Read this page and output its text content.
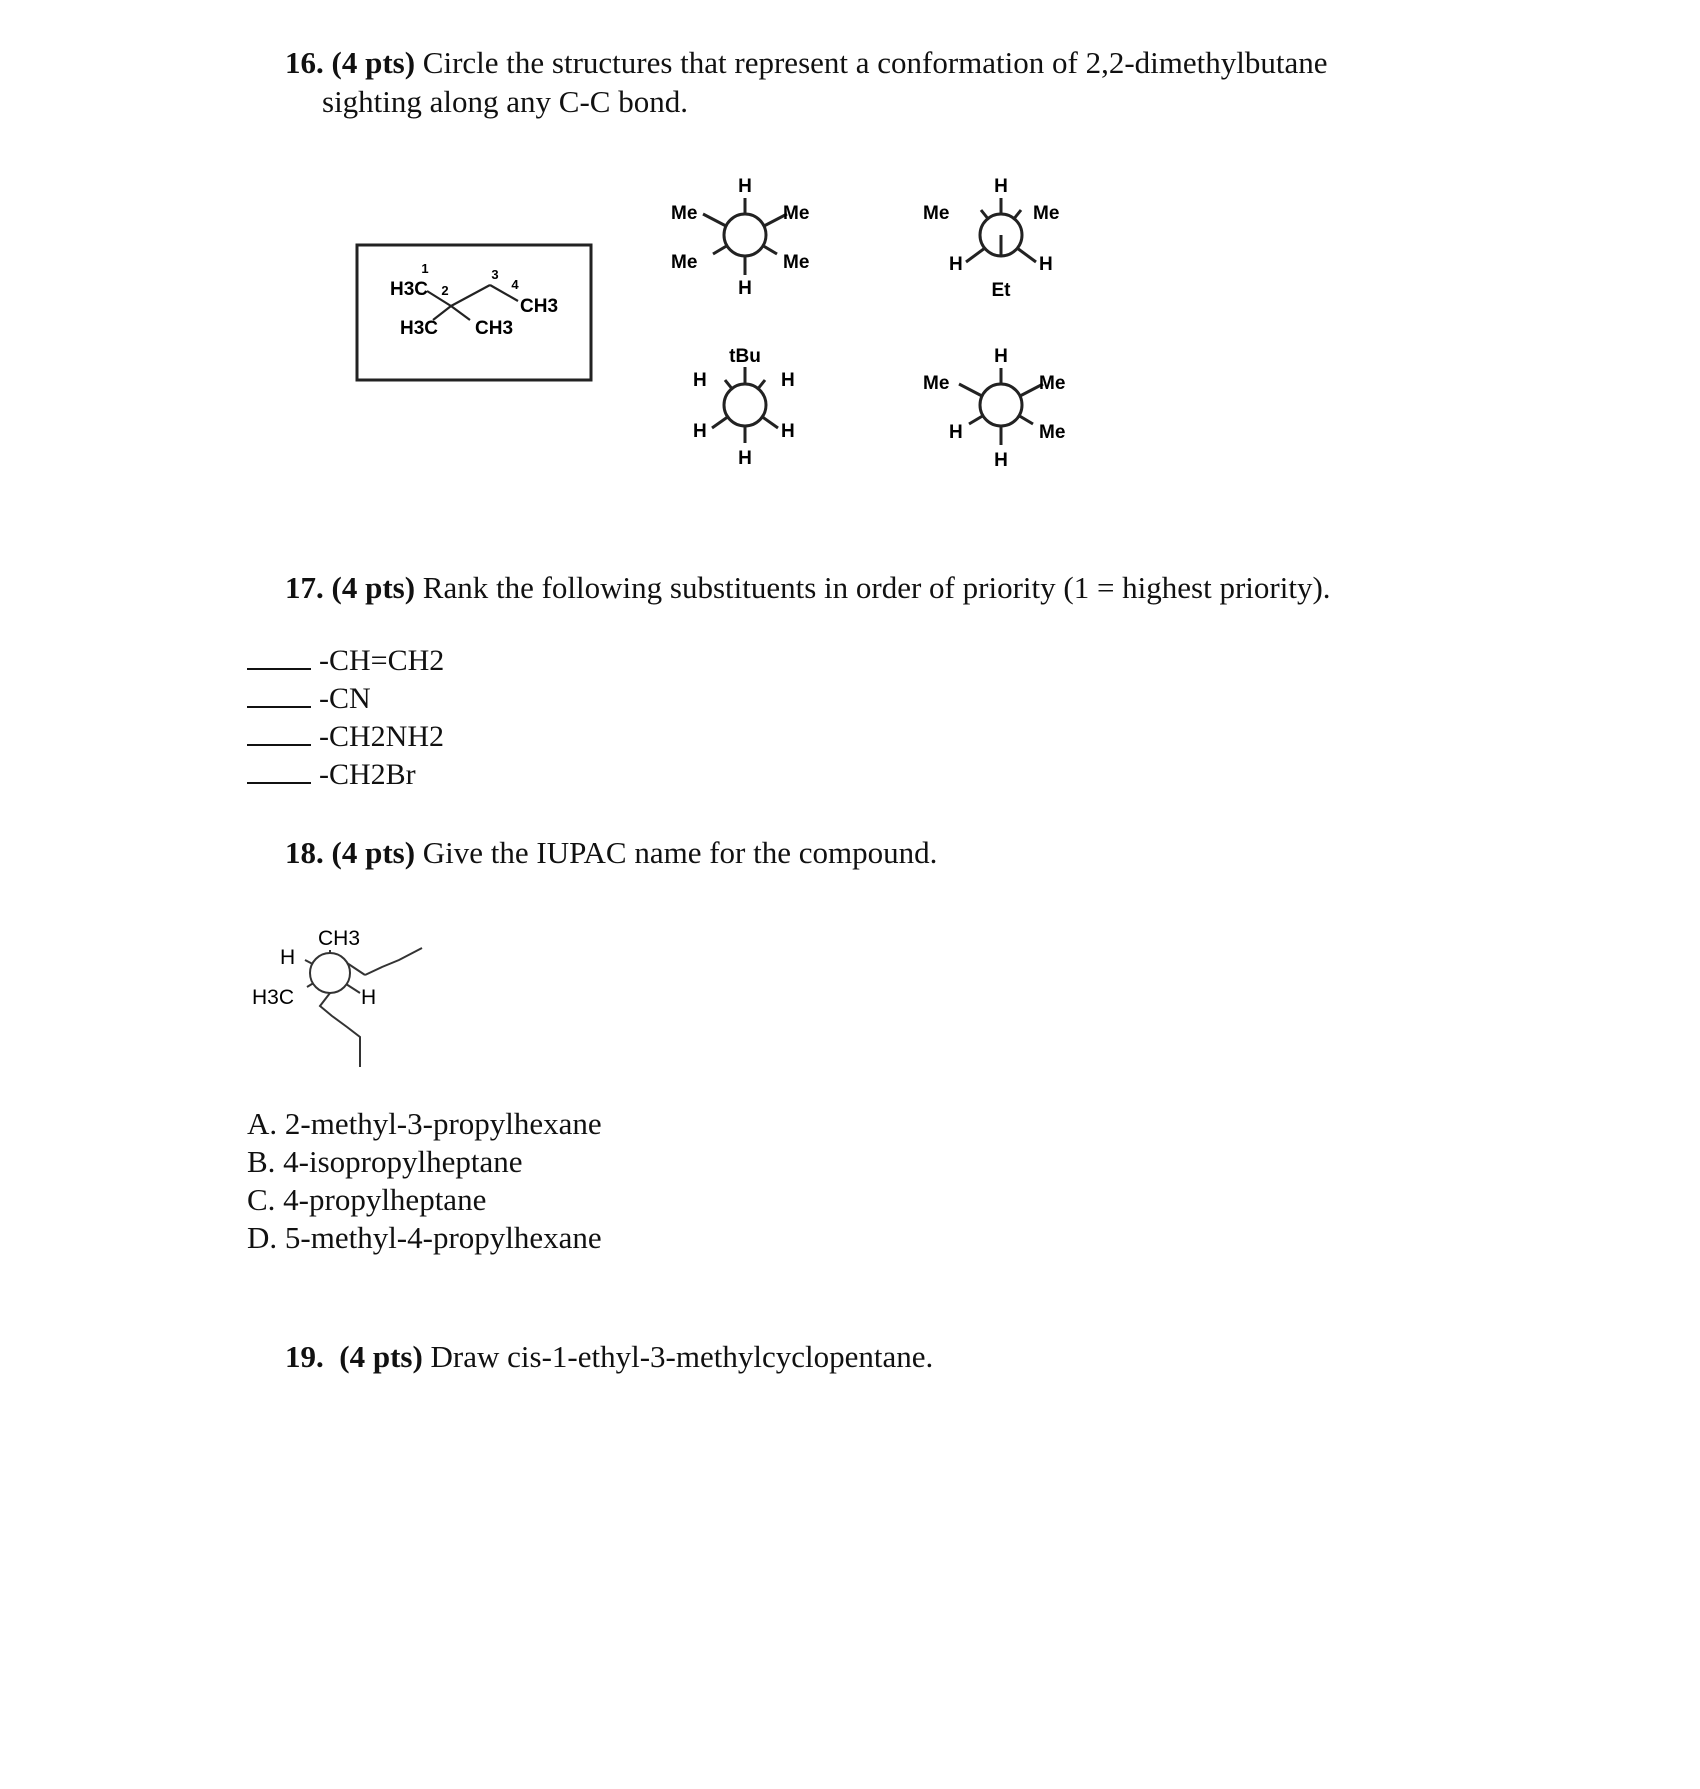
16. (4 pts) Circle the structures that represent a conformation of 2,2-dimethylbutane
sighting along any C-C bond.
1
2
3
4
H3C
H3C CH3
CH3
H
Me	Me
Me	Me
H
H
Me	Me
H	H
Et
tBu
H	H
H	H
H
H
Me	Me
H	Me
H
17. (4 pts) Rank the following substituents in order of priority (1 = highest priority).
-CH=CH2
-CN
-CH2NH2
-CH2Br
18. (4 pts) Give the IUPAC name for the compound.
CH3
H
H3C	H
A. 2-methyl-3-propylhexane
B. 4-isopropylheptane
C. 4-propylheptane
D. 5-methyl-4-propylhexane
19. (4 pts) Draw cis-1-ethyl-3-methylcyclopentane.
